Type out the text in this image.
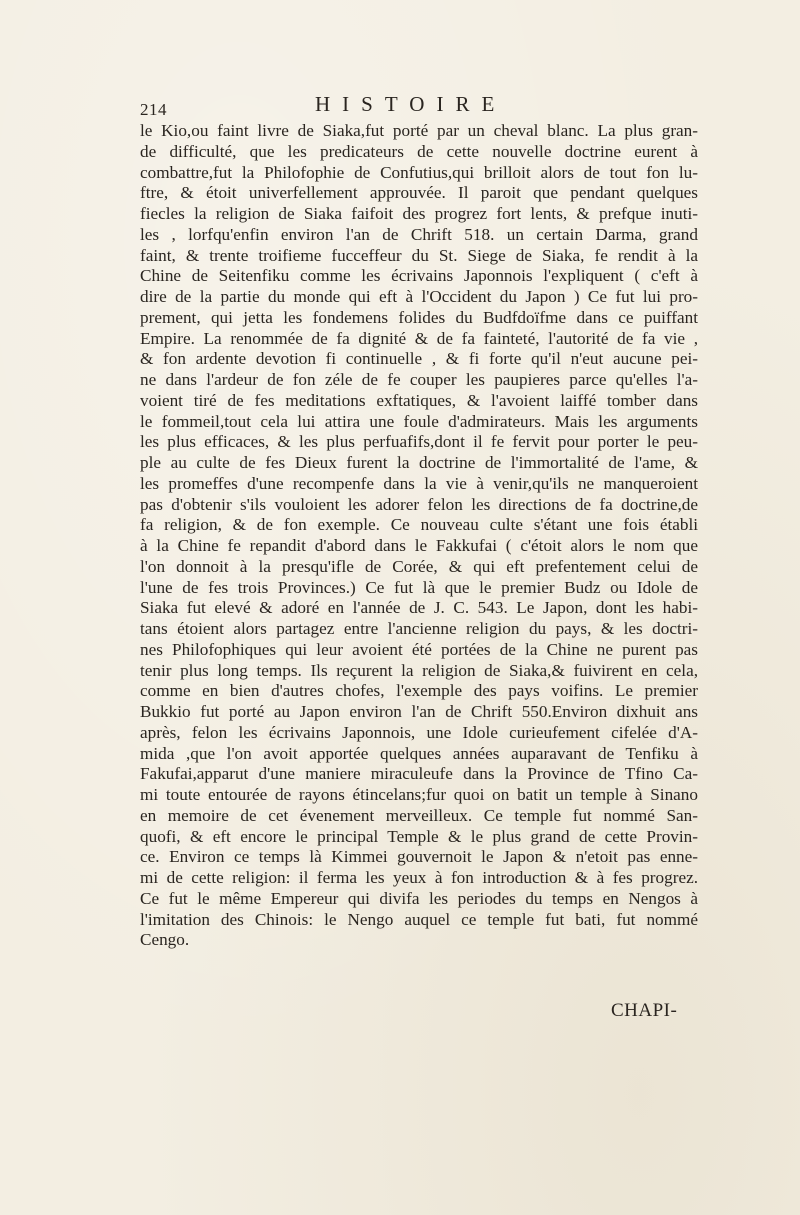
214	HISTOIRE
le Kio,ou faint livre de Siaka,fut porté par un cheval blanc. La plus gran-
de difficulté, que les predicateurs de cette nouvelle doctrine eurent à
combattre,fut la Philofophie de Confutius,qui brilloit alors de tout fon lu-
ftre, & étoit univerfellement approuvée. Il paroit que pendant quelques
fiecles la religion de Siaka faifoit des progrez fort lents, & prefque inuti-
les , lorfqu'enfin environ l'an de Chrift 518. un certain Darma, grand
faint, & trente troifieme fucceffeur du St. Siege de Siaka, fe rendit à la
Chine de Seitenfiku comme les écrivains Japonnois l'expliquent ( c'eft à
dire de la partie du monde qui eft à l'Occident du Japon ) Ce fut lui pro-
prement, qui jetta les fondemens folides du Budfdoïfme dans ce puiffant
Empire. La renommée de fa dignité & de fa fainteté, l'autorité de fa vie ,
& fon ardente devotion fi continuelle , & fi forte qu'il n'eut aucune pei-
ne dans l'ardeur de fon zéle de fe couper les paupieres parce qu'elles l'a-
voient tiré de fes meditations exftatiques, & l'avoient laiffé tomber dans
le fommeil,tout cela lui attira une foule d'admirateurs. Mais les arguments
les plus efficaces, & les plus perfuafifs,dont il fe fervit pour porter le peu-
ple au culte de fes Dieux furent la doctrine de l'immortalité de l'ame, &
les promeffes d'une recompenfe dans la vie à venir,qu'ils ne manqueroient
pas d'obtenir s'ils vouloient les adorer felon les directions de fa doctrine,de
fa religion, & de fon exemple. Ce nouveau culte s'étant une fois établi
à la Chine fe repandit d'abord dans le Fakkufai ( c'étoit alors le nom que
l'on donnoit à la presqu'ifle de Corée, & qui eft prefentement celui de
l'une de fes trois Provinces.) Ce fut là que le premier Budz ou Idole de
Siaka fut elevé & adoré en l'année de J. C. 543. Le Japon, dont les habi-
tans étoient alors partagez entre l'ancienne religion du pays, & les doctri-
nes Philofophiques qui leur avoient été portées de la Chine ne purent pas
tenir plus long temps. Ils reçurent la religion de Siaka,& fuivirent en cela,
comme en bien d'autres chofes, l'exemple des pays voifins. Le premier
Bukkio fut porté au Japon environ l'an de Chrift 550.Environ dixhuit ans
après, felon les écrivains Japonnois, une Idole curieufement cifelée d'A-
mida ,que l'on avoit apportée quelques années auparavant de Tenfiku à
Fakufai,apparut d'une maniere miraculeufe dans la Province de Tfino Ca-
mi toute entourée de rayons étincelans;fur quoi on batit un temple à Sinano
en memoire de cet évenement merveilleux. Ce temple fut nommé San-
quofi, & eft encore le principal Temple & le plus grand de cette Provin-
ce. Environ ce temps là Kimmei gouvernoit le Japon & n'etoit pas enne-
mi de cette religion: il ferma les yeux à fon introduction & à fes progrez.
Ce fut le même Empereur qui divifa les periodes du temps en Nengos à
l'imitation des Chinois: le Nengo auquel ce temple fut bati, fut nommé
Cengo.
CHAPI-
